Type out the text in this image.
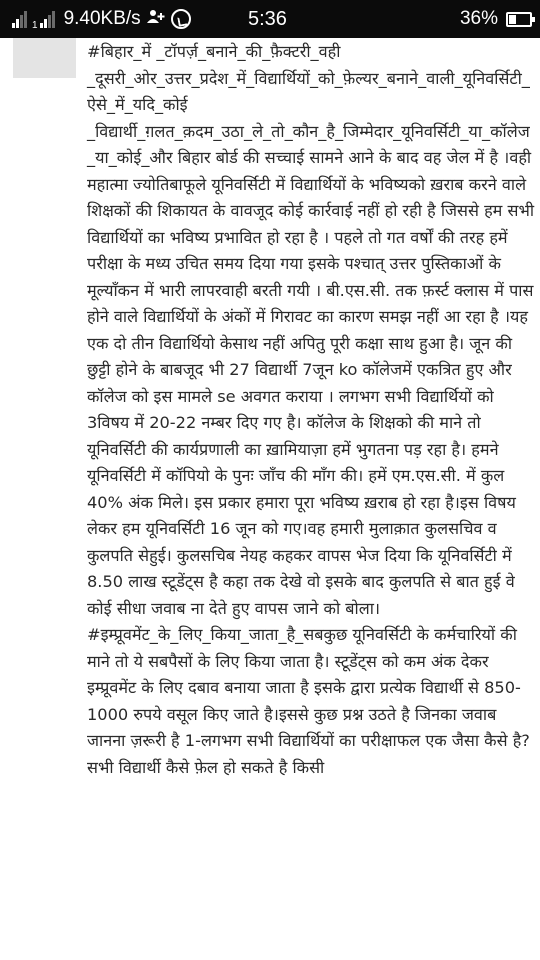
1 9.40KB/s	5:36	36%
#बिहार_में _टॉपर्ज़_बनाने_की_फ़ैक्टरी_वही _दूसरी_ओर_उत्तर_प्रदेश_में_विद्यार्थियों_को_फ़ेल्यर_बनाने_वाली_यूनिवर्सिटी_ऐसे_में_यदि_कोई _विद्यार्थी_ग़लत_क़दम_उठा_ले_तो_कौन_है_जिम्मेदार_यूनिवर्सिटी_या_कॉलेज_या_कोई_और बिहार बोर्ड की सच्चाई सामने आने के बाद वह जेल में है ।वही महात्मा ज्योतिबाफूले यूनिवर्सिटी में विद्यार्थियों के भविष्यको ख़राब करने वाले शिक्षकों की शिकायत के वावजूद कोई कार्रवाई नहीं हो रही है जिससे हम सभी विद्यार्थियों का भविष्य प्रभावित हो रहा है । पहले तो गत वर्षों की तरह हमें परीक्षा के मध्य उचित समय दिया गया इसके पश्चात् उत्तर पुस्तिकाओं के मूल्याँकन में भारी लापरवाही बरती गयी । बी.एस.सी. तक फ़र्स्ट क्लास में पास होने वाले विद्यार्थियों के अंकों में गिरावट का कारण समझ नहीं आ रहा है ।यह एक दो तीन विद्यार्थियो केसाथ नहीं अपितु पूरी कक्षा साथ हुआ है। जून की छुट्टी होने के बाबजूद भी 27 विद्यार्थी 7जून ko कॉलेजमें एकत्रित हुए और कॉलेज को इस मामले se अवगत कराया । लगभग सभी विद्यार्थियों को 3विषय में 20-22 नम्बर दिए गए है। कॉलेज के शिक्षको की माने तो यूनिवर्सिटी की कार्यप्रणाली का ख़ामियाज़ा हमें भुगतना पड़ रहा है। हमने यूनिवर्सिटी में कॉपियो के पुनः जाँच की माँग की। हमें एम.एस.सी. में कुल 40% अंक मिले। इस प्रकार हमारा पूरा भविष्य ख़राब हो रहा है।इस विषय लेकर हम यूनिवर्सिटी 16 जून को गए।वह हमारी मुलाक़ात कुलसचिव व कुलपति सेहुई। कुलसचिब नेयह कहकर वापस भेज दिया कि यूनिवर्सिटी में 8.50 लाख स्टूडेंट्स है कहा तक देखे वो इसके बाद कुलपति से बात हुई वे कोई सीधा जवाब ना देते हुए वापस जाने को बोला। #इम्प्रूवमेंट_के_लिए_किया_जाता_है_सबकुछ यूनिवर्सिटी के कर्मचारियों की माने तो ये सबपैसों के लिए किया जाता है। स्टूडेंट्स को कम अंक देकर इम्प्रूवमेंट के लिए दबाव बनाया जाता है इसके द्वारा प्रत्येक विद्यार्थी से 850-1000 रुपये वसूल किए जाते है।इससे कुछ प्रश्न उठते है जिनका जवाब जानना ज़रूरी है 1-लगभग सभी विद्यार्थियों का परीक्षाफल एक जैसा कैसे है? सभी विद्यार्थी कैसे फ़ेल हो सकते है किसी
